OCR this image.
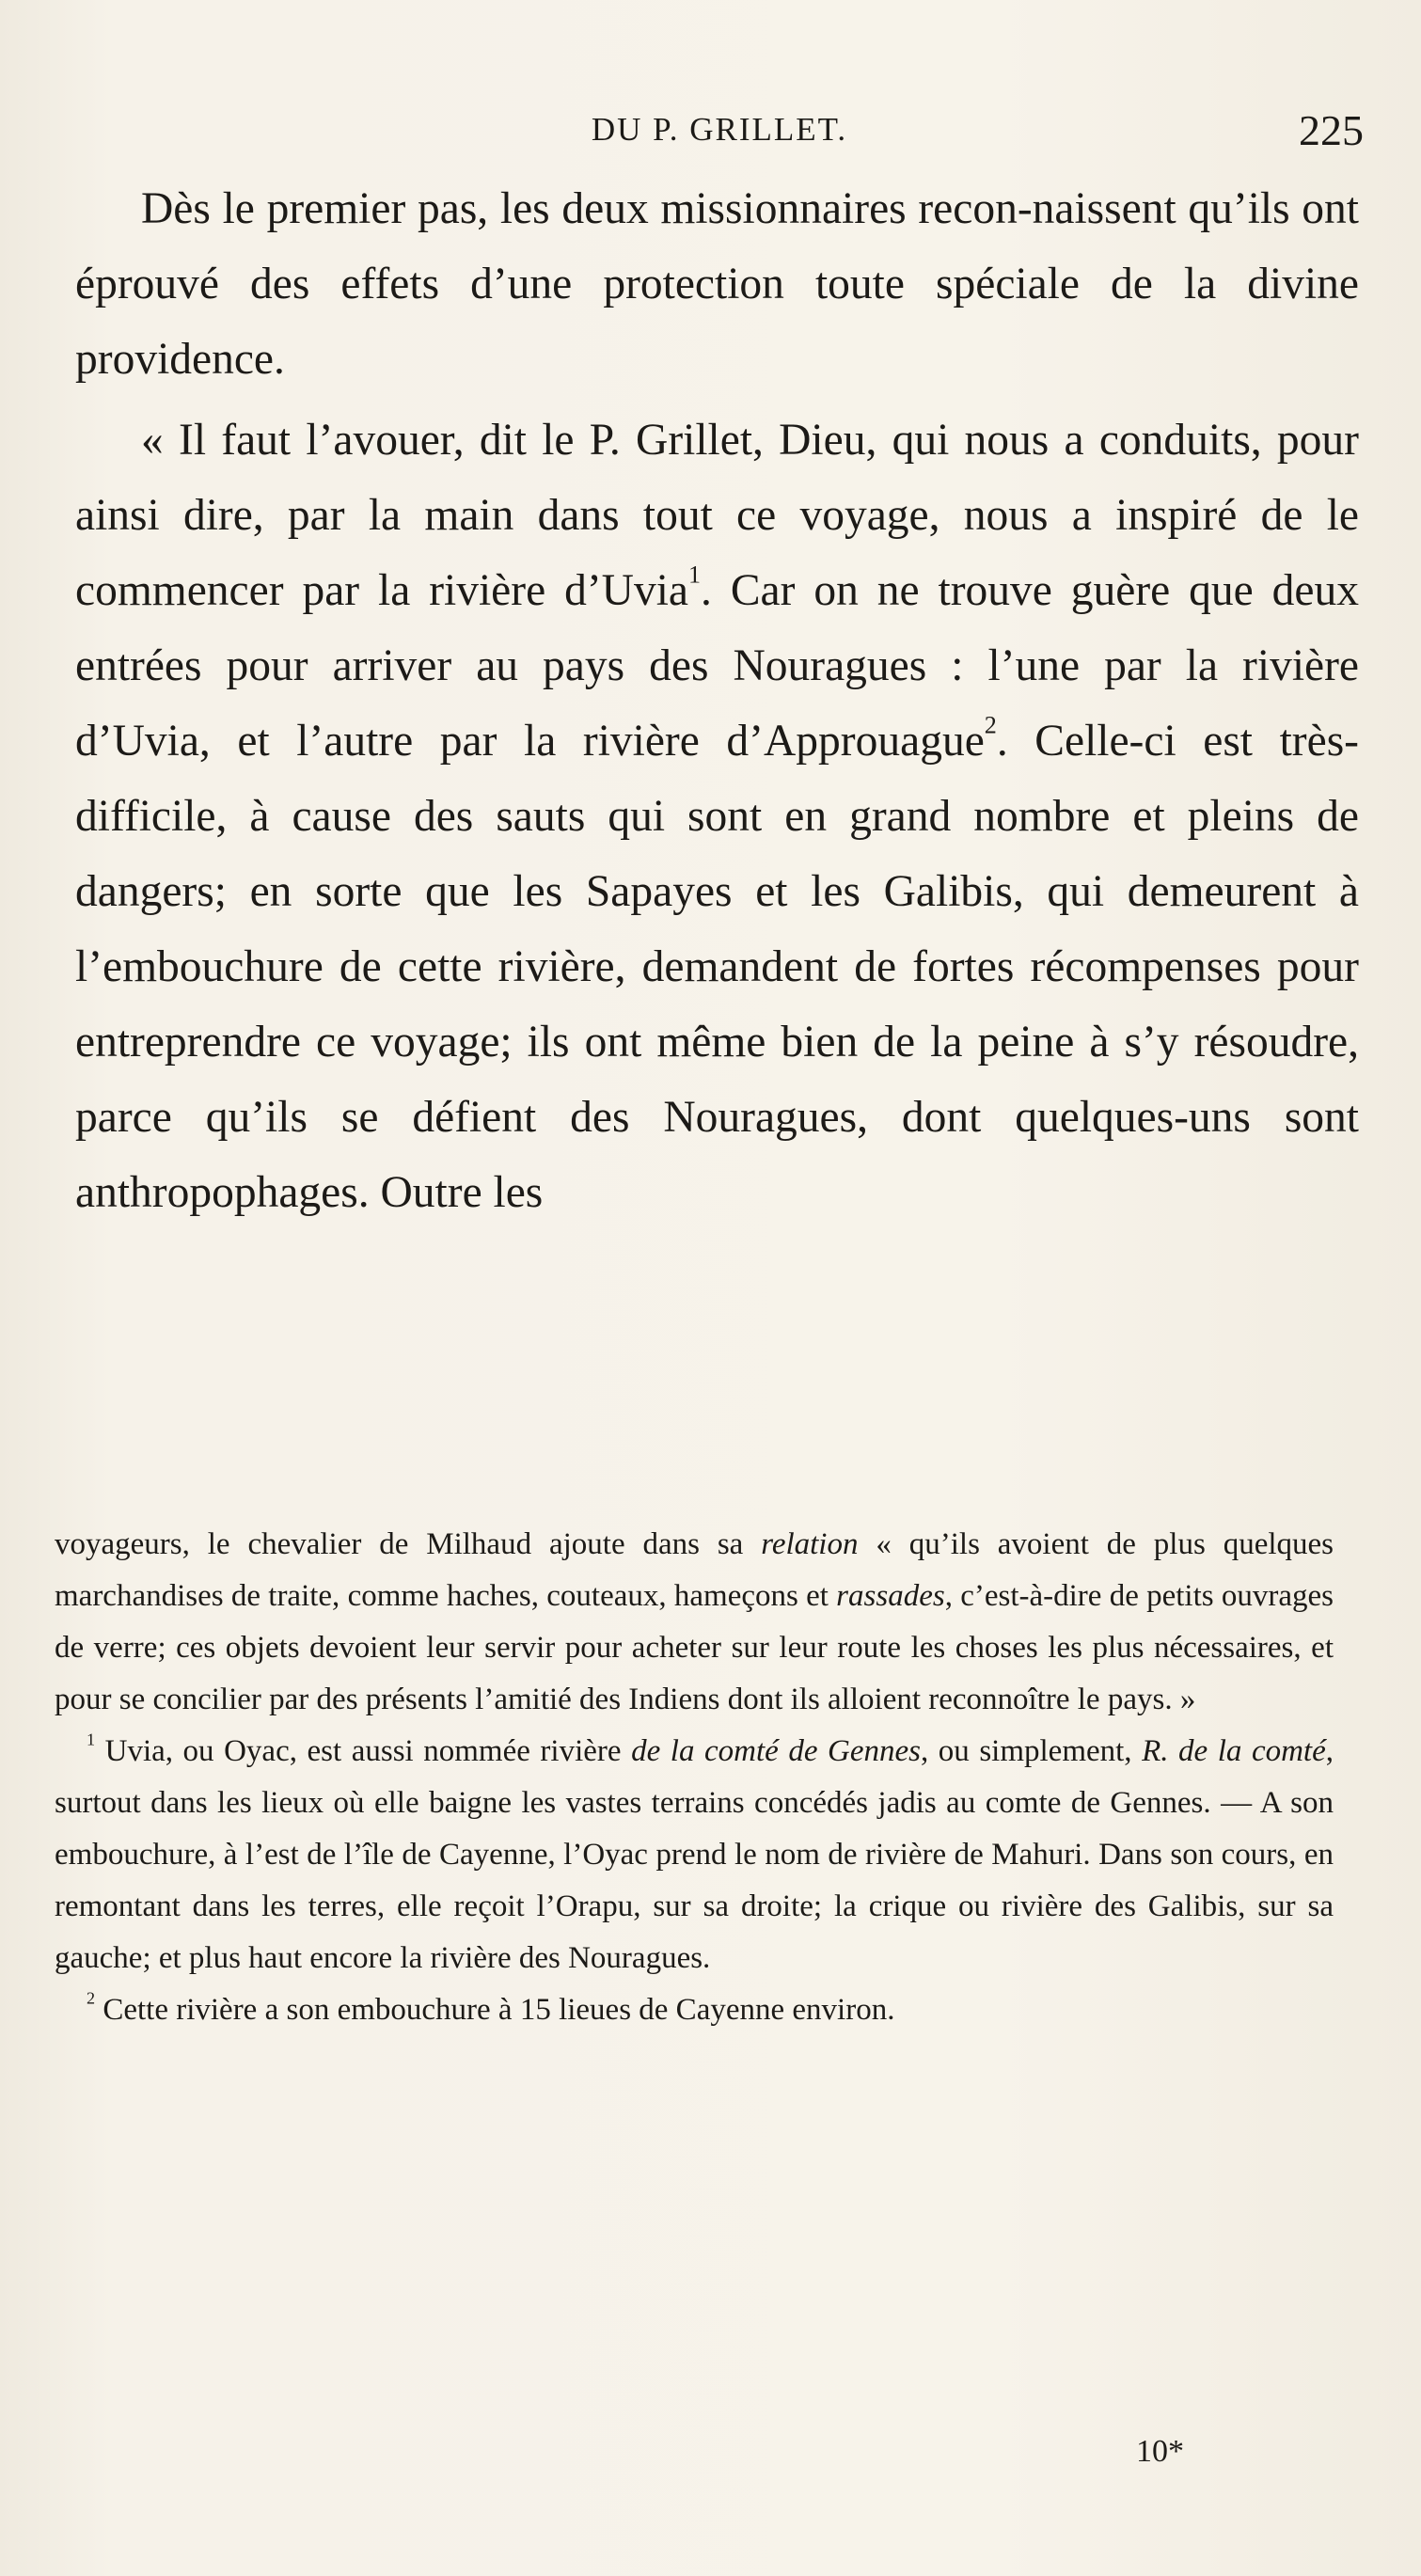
DU P. GRILLET.	225

Dès le premier pas, les deux missionnaires recon-naissent qu’ils ont éprouvé des effets d’une protection toute spéciale de la divine providence.

« Il faut l’avouer, dit le P. Grillet, Dieu, qui nous a conduits, pour ainsi dire, par la main dans tout ce voyage, nous a inspiré de le commencer par la rivière d’Uvia$^1$. Car on ne trouve guère que deux entrées pour arriver au pays des Nouragues : l’une par la rivière d’Uvia, et l’autre par la rivière d’Approuague$^2$. Celle-ci est très-difficile, à cause des sauts qui sont en grand nombre et pleins de dangers; en sorte que les Sapayes et les Galibis, qui demeurent à l’embouchure de cette rivière, demandent de fortes récompenses pour entreprendre ce voyage; ils ont même bien de la peine à s’y résoudre, parce qu’ils se défient des Nouragues, dont quelques-uns sont anthropophages. Outre les

voyageurs, le chevalier de Milhaud ajoute dans sa relation « qu’ils avoient de plus quelques marchandises de traite, comme haches, couteaux, hameçons et rassades, c’est-à-dire de petits ouvrages de verre; ces objets devoient leur servir pour acheter sur leur route les choses les plus nécessaires, et pour se concilier par des présents l’amitié des Indiens dont ils alloient reconnoître le pays. »

$^1$ Uvia, ou Oyac, est aussi nommée rivière de la comté de Gennes, ou simplement, R. de la comté, surtout dans les lieux où elle baigne les vastes terrains concédés jadis au comte de Gennes. — A son embouchure, à l’est de l’île de Cayenne, l’Oyac prend le nom de rivière de Mahuri. Dans son cours, en remontant dans les terres, elle reçoit l’Orapu, sur sa droite; la crique ou rivière des Galibis, sur sa gauche; et plus haut encore la rivière des Nouragues.

$^2$ Cette rivière a son embouchure à 15 lieues de Cayenne environ.

10*
